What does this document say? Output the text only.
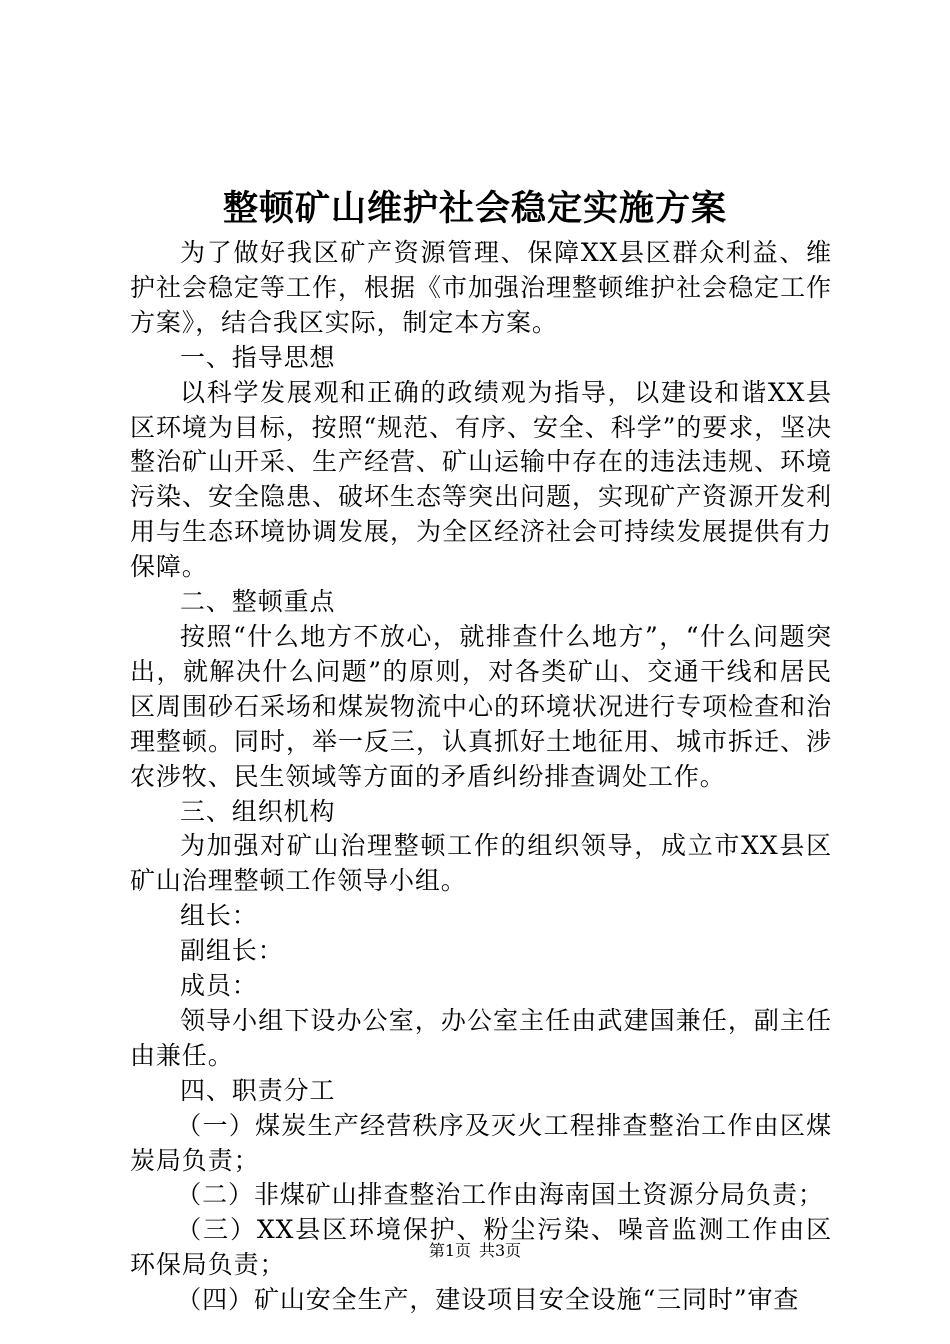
整顿矿山维护社会稳定实施方案

为了做好我区矿产资源管理、保障XX县区群众利益、维护社会稳定等工作，根据《市加强治理整顿维护社会稳定工作方案》，结合我区实际，制定本方案。

一、指导思想

以科学发展观和正确的政绩观为指导，以建设和谐XX县区环境为目标，按照“规范、有序、安全、科学”的要求，坚决整治矿山开采、生产经营、矿山运输中存在的违法违规、环境污染、安全隐患、破坏生态等突出问题，实现矿产资源开发利用与生态环境协调发展，为全区经济社会可持续发展提供有力保障。

二、整顿重点

按照“什么地方不放心，就排查什么地方”，“什么问题突出，就解决什么问题”的原则，对各类矿山、交通干线和居民区周围砂石采场和煤炭物流中心的环境状况进行专项检查和治理整顿。同时，举一反三，认真抓好土地征用、城市拆迁、涉农涉牧、民生领域等方面的矛盾纠纷排查调处工作。

三、组织机构

为加强对矿山治理整顿工作的组织领导，成立市XX县区矿山治理整顿工作领导小组。

组长：

副组长：

成员：

领导小组下设办公室，办公室主任由武建国兼任，副主任由兼任。

四、职责分工

（一）煤炭生产经营秩序及灭火工程排查整治工作由区煤炭局负责；

（二）非煤矿山排查整治工作由海南国土资源分局负责；

（三）XX县区环境保护、粉尘污染、噪音监测工作由区环保局负责；

（四）矿山安全生产，建设项目安全设施“三同时”审查

第1页 共3页
